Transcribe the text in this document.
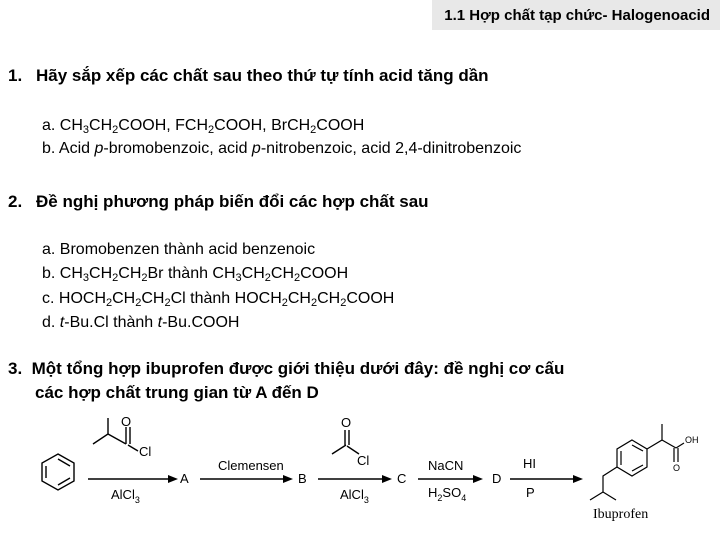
1.1 Hợp chất tạp chức- Halogenoacid
1. Hãy sắp xếp các chất sau theo thứ tự tính acid tăng dần
a. $CH_3CH_2COOH$, $FCH_2COOH$, BrCH$_2$COOH
b. Acid p-bromobenzoic, acid p-nitrobenzoic, acid 2,4-dinitrobenzoic
2. Đề nghị phương pháp biến đổi các hợp chất sau
a. Bromobenzen thành acid benzenoic
b. $CH_3CH_2CH_2Br$ thành $CH_3CH_2CH_2COOH$
c. $HOCH_2CH_2CH_2Cl$ thành $HOCH_2CH_2CH_2COOH$
d. t-Bu.Cl thành t-Bu.COOH
3. Một tổng hợp ibuprofen được giới thiệu dưới đây: đề nghị cơ cấu
các hợp chất trung gian từ A đến D
O
Cl
AlCl$_3$
A
Clemensen
B
O
Cl
AlCl$_3$
C
NaCN
$H_2SO_4$
D
HI
P
OH
O
Ibuprofen
